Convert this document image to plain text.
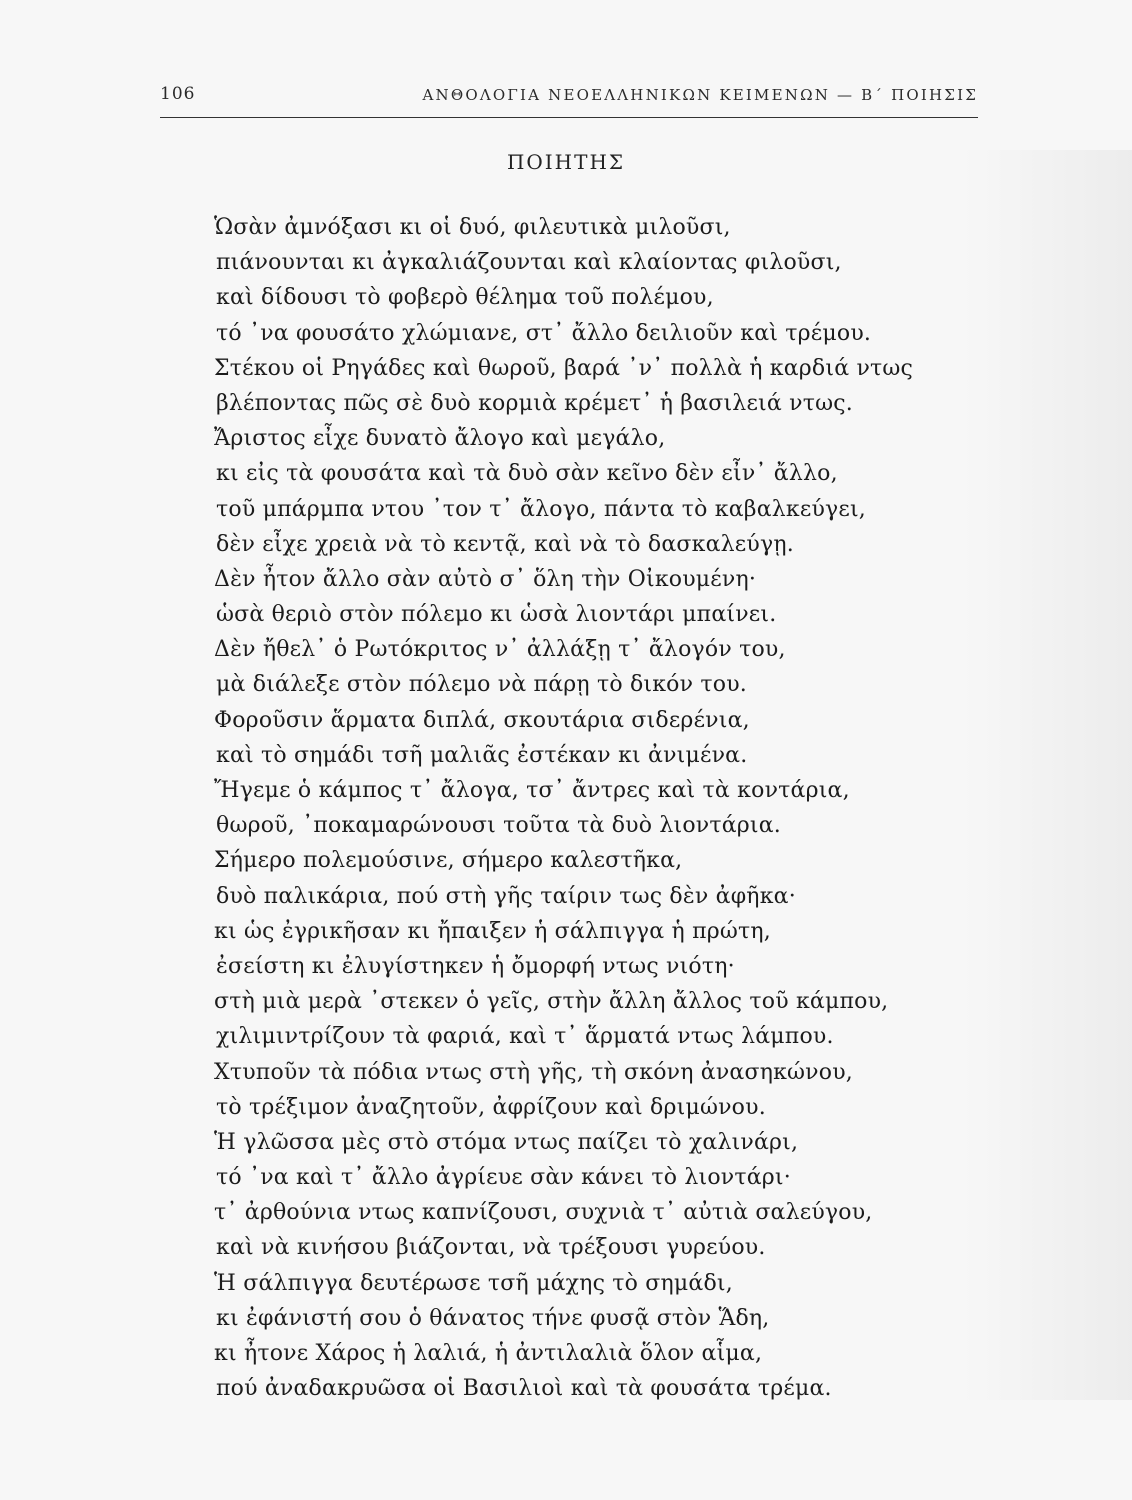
106	ΑΝΘΟΛΟΓΙΑ ΝΕΟΕΛΛΗΝΙΚΩΝ ΚΕΙΜΕΝΩΝ — Β΄ ΠΟΙΗΣΙΣ
ΠΟΙΗΤΗΣ
Ὡσὰν ἀμνόξασι κι οἱ δυό, φιλευτικὰ μιλοῦσι,
πιάνουνται κι ἀγκαλιάζουνται καὶ κλαίοντας φιλοῦσι,
καὶ δίδουσι τὸ φοβερὸ θέλημα τοῦ πολέμου,
τό ᾿να φουσάτο χλώμιανε, στ᾿ ἄλλο δειλιοῦν καὶ τρέμου.
Στέκου οἱ Ρηγάδες καὶ θωροῦ, βαρά ᾿ν᾿ πολλὰ ἡ καρδιά ντως
βλέποντας πῶς σὲ δυὸ κορμιὰ κρέμετ᾿ ἡ βασιλειά ντως.
Ἄριστος εἶχε δυνατὸ ἄλογο καὶ μεγάλο,
κι εἰς τὰ φουσάτα καὶ τὰ δυὸ σὰν κεῖνο δὲν εἶν᾿ ἄλλο,
τοῦ μπάρμπα ντου ᾿τον τ᾿ ἄλογο, πάντα τὸ καβαλκεύγει,
δὲν εἶχε χρειὰ νὰ τὸ κεντᾷ, καὶ νὰ τὸ δασκαλεύγῃ.
Δὲν ἦτον ἄλλο σὰν αὐτὸ σ᾿ ὅλη τὴν Οἰκουμένη·
ὡσὰ θεριὸ στὸν πόλεμο κι ὡσὰ λιοντάρι μπαίνει.
Δὲν ἤθελ᾿ ὁ Ρωτόκριτος ν᾿ ἀλλάξῃ τ᾿ ἄλογόν του,
μὰ διάλεξε στὸν πόλεμο νὰ πάρῃ τὸ δικόν του.
Φοροῦσιν ἅρματα διπλά, σκουτάρια σιδερένια,
καὶ τὸ σημάδι τσῆ μαλιᾶς ἐστέκαν κι ἀνιμένα.
Ἤγεμε ὁ κάμπος τ᾿ ἄλογα, τσ᾿ ἄντρες καὶ τὰ κοντάρια,
θωροῦ, ᾿ποκαμαρώνουσι τοῦτα τὰ δυὸ λιοντάρια.
Σήμερο πολεμούσινε, σήμερο καλεστῆκα,
δυὸ παλικάρια, πού στὴ γῆς ταίριν τως δὲν ἀφῆκα·
κι ὡς ἐγρικῆσαν κι ἤπαιξεν ἡ σάλπιγγα ἡ πρώτη,
ἐσείστη κι ἐλυγίστηκεν ἡ ὄμορφή ντως νιότη·
στὴ μιὰ μερὰ ᾿στεκεν ὁ γεῖς, στὴν ἄλλη ἄλλος τοῦ κάμπου,
χιλιμιντρίζουν τὰ φαριά, καὶ τ᾿ ἅρματά ντως λάμπου.
Χτυποῦν τὰ πόδια ντως στὴ γῆς, τὴ σκόνη ἀνασηκώνου,
τὸ τρέξιμον ἀναζητοῦν, ἀφρίζουν καὶ δριμώνου.
Ἡ γλῶσσα μὲς στὸ στόμα ντως παίζει τὸ χαλινάρι,
τό ᾿να καὶ τ᾿ ἄλλο ἀγρίευε σὰν κάνει τὸ λιοντάρι·
τ᾿ ἀρθούνια ντως καπνίζουσι, συχνιὰ τ᾿ αὐτιὰ σαλεύγου,
καὶ νὰ κινήσου βιάζονται, νὰ τρέξουσι γυρεύου.
Ἡ σάλπιγγα δευτέρωσε τσῆ μάχης τὸ σημάδι,
κι ἐφάνιστή σου ὁ θάνατος τήνε φυσᾷ στὸν Ἅδη,
κι ἦτονε Χάρος ἡ λαλιά, ἡ ἀντιλαλιὰ ὅλον αἷμα,
πού ἀναδακρυῶσα οἱ Βασιλιοὶ καὶ τὰ φουσάτα τρέμα.
